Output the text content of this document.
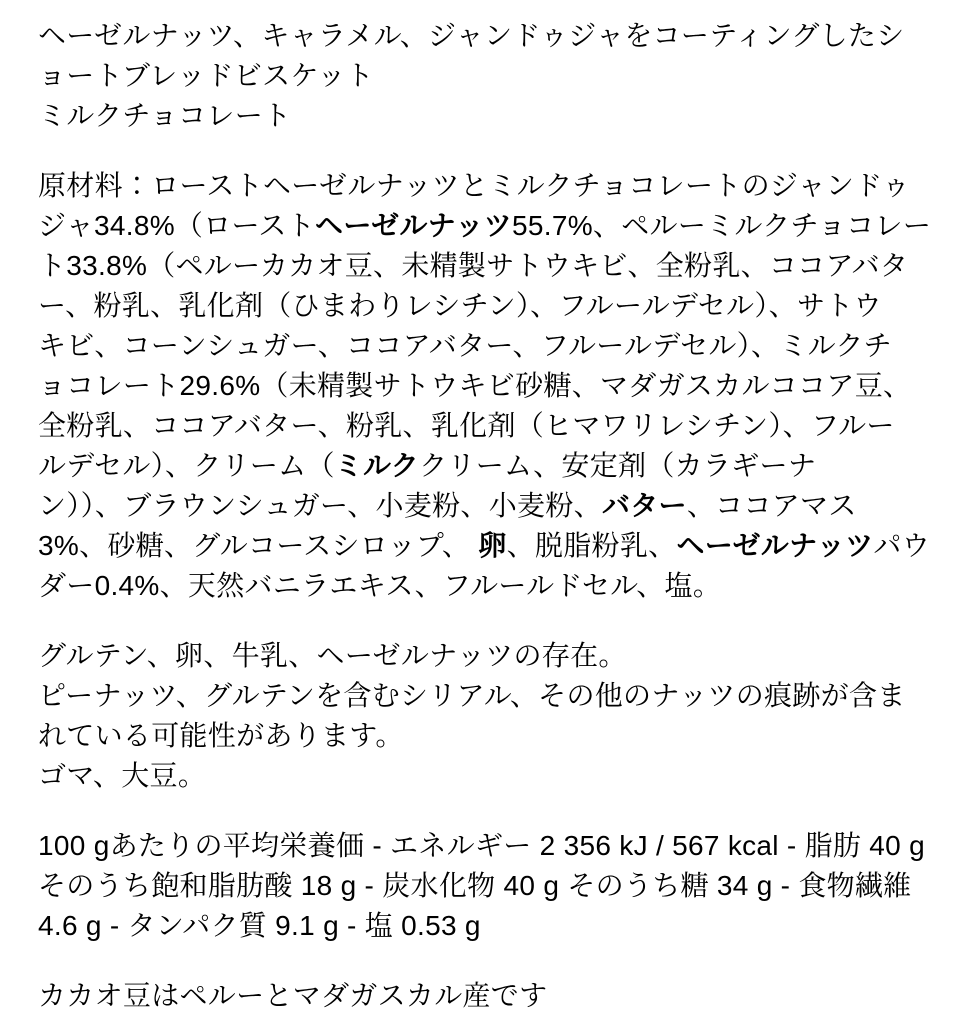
ヘーゼルナッツ、キャラメル、ジャンドゥジャをコーティングしたシ
ョートブレッドビスケット
ミルクチョコレート
原材料：ローストヘーゼルナッツとミルクチョコレートのジャンドゥ
ジャ34.8%（ローストヘーゼルナッツ55.7%、ペルーミルクチョコレー
ト33.8%（ペルーカカオ豆、未精製サトウキビ、全粉乳、ココアバタ
ー、粉乳、乳化剤（ひまわりレシチン）、フルールデセル）、サトウ
キビ、コーンシュガー、ココアバター、フルールデセル）、ミルクチ
ョコレート29.6%（未精製サトウキビ砂糖、マダガスカルココア豆、
全粉乳、ココアバター、粉乳、乳化剤（ヒマワリレシチン）、フルー
ルデセル）、クリーム（ミルククリーム、安定剤（カラギーナ
ン））、ブラウンシュガー、小麦粉、小麦粉、バター、ココアマス
3%、砂糖、グルコースシロップ、 卵、脱脂粉乳、ヘーゼルナッツパウ
ダー0.4%、天然バニラエキス、フルールドセル、塩。
グルテン、卵、牛乳、ヘーゼルナッツの存在。
ピーナッツ、グルテンを含むシリアル、その他のナッツの痕跡が含ま
れている可能性があります。
ゴマ、大豆。
100 gあたりの平均栄養価 - エネルギー 2 356 kJ / 567 kcal - 脂肪 40 g
そのうち飽和脂肪酸 18 g - 炭水化物 40 g そのうち糖 34 g - 食物繊維
4.6 g - タンパク質 9.1 g - 塩 0.53 g
カカオ豆はペルーとマダガスカル産です
